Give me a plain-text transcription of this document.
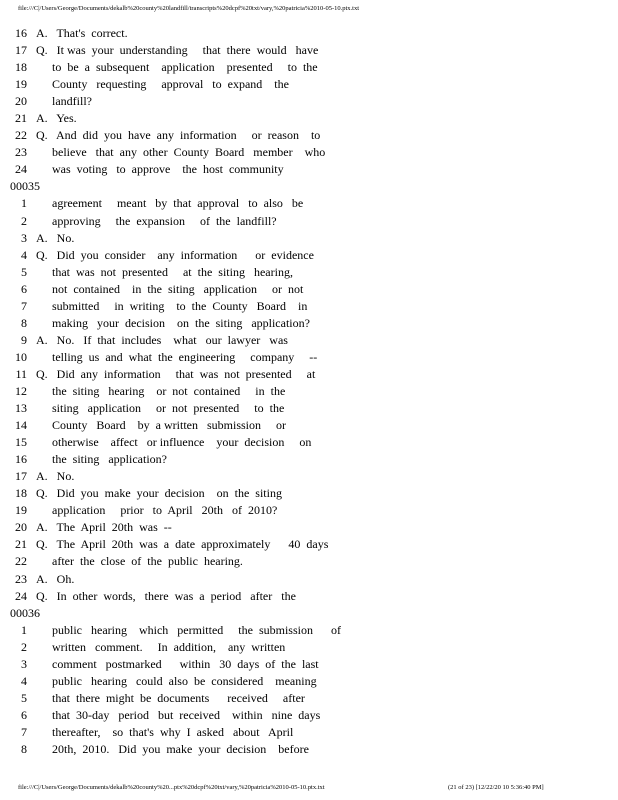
file:///C|/Users/George/Documents/dekalb%20county%20landfill/transcripts%20dcpf%20txt/vary,%20patricia%2010-05-10.ptx.txt
16 A.   That's  correct.
17 Q.   It was  your  understanding     that  there  would   have
18 to  be  a  subsequent    application    presented     to  the
19 County   requesting     approval   to  expand    the
20 landfill?
21 A.   Yes.
22 Q.   And  did  you  have  any  information     or  reason    to
23 believe   that  any  other  County  Board   member    who
24 was  voting   to  approve    the  host  community
00035
1 agreement     meant   by  that  approval   to  also   be
2 approving     the  expansion     of  the  landfill?
3 A.   No.
4 Q.   Did  you  consider    any  information      or  evidence
5 that  was  not  presented     at  the  siting   hearing,
6 not  contained    in  the  siting   application     or  not
7 submitted     in  writing    to  the  County   Board    in
8 making   your  decision    on  the  siting   application?
9 A.   No.   If  that  includes    what   our  lawyer   was
10 telling  us  and  what  the  engineering     company     --
11 Q.   Did  any  information     that  was  not  presented     at
12 the  siting   hearing    or  not  contained     in  the
13 siting   application     or  not  presented     to  the
14 County   Board    by  a written   submission     or
15 otherwise    affect   or influence    your  decision     on
16 the  siting   application?
17 A.   No.
18 Q.   Did  you  make  your  decision    on  the  siting
19 application     prior   to  April   20th   of  2010?
20 A.   The  April  20th  was  --
21 Q.   The  April  20th  was  a  date  approximately      40  days
22 after  the  close  of  the  public  hearing.
23 A.   Oh.
24 Q.   In  other  words,   there  was  a  period   after   the
00036
1 public   hearing    which   permitted     the  submission      of
2 written   comment.     In  addition,    any  written
3 comment   postmarked      within   30  days  of  the  last
4 public   hearing   could  also  be  considered    meaning
5 that  there  might  be  documents      received     after
6 that  30-day   period   but  received    within   nine  days
7 thereafter,    so  that's  why  I  asked   about   April
8 20th,  2010.   Did  you  make  your  decision    before
file:///C|/Users/George/Documents/dekalb%20county%20...ptx%20dcpf%20txt/vary,%20patricia%2010-05-10.ptx.txt	(21 of 23) [12/22/20 10 5:36:40 PM]
